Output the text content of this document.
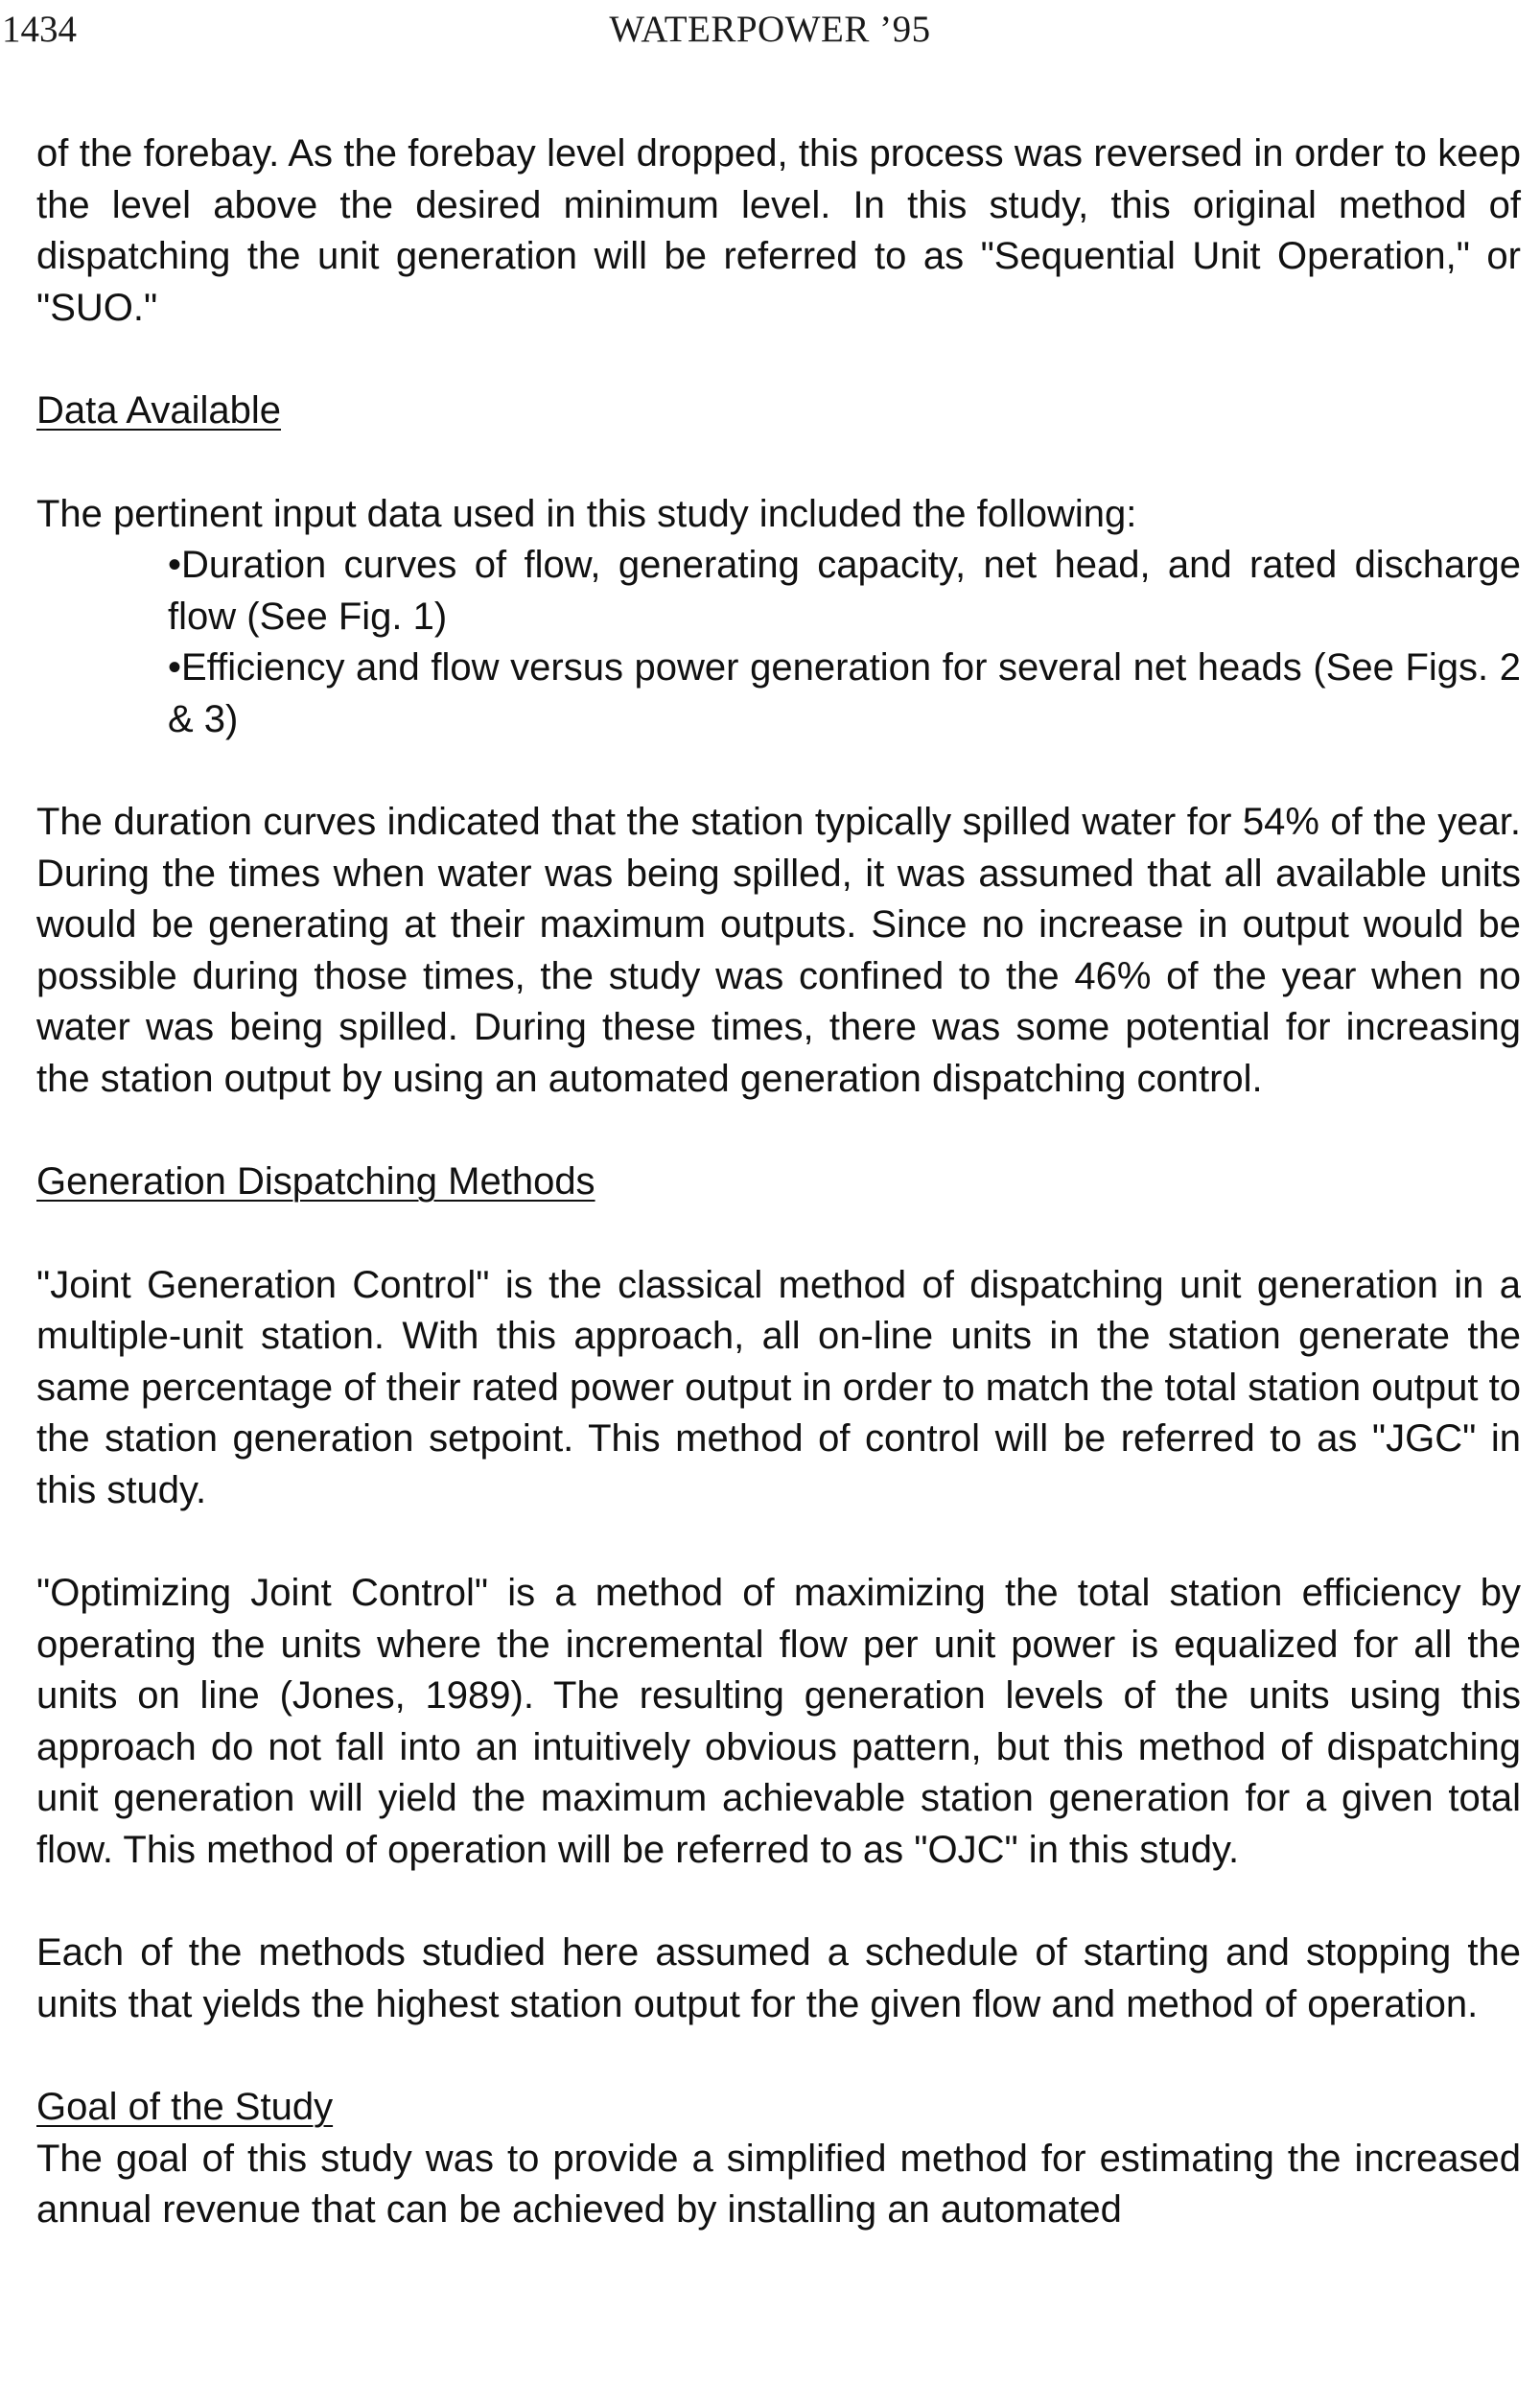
1434	WATERPOWER ’95

of the forebay. As the forebay level dropped, this process was reversed in order to keep the level above the desired minimum level. In this study, this original method of dispatching the unit generation will be referred to as "Sequential Unit Operation," or "SUO."

Data Available

The pertinent input data used in this study included the following:

•Duration curves of flow, generating capacity, net head, and rated discharge flow (See Fig. 1)

•Efficiency and flow versus power generation for several net heads (See Figs. 2 & 3)

The duration curves indicated that the station typically spilled water for 54% of the year. During the times when water was being spilled, it was assumed that all available units would be generating at their maximum outputs. Since no increase in output would be possible during those times, the study was confined to the 46% of the year when no water was being spilled. During these times, there was some potential for increasing the station output by using an automated generation dispatching control.

Generation Dispatching Methods

"Joint Generation Control" is the classical method of dispatching unit generation in a multiple-unit station. With this approach, all on-line units in the station generate the same percentage of their rated power output in order to match the total station output to the station generation setpoint. This method of control will be referred to as "JGC" in this study.

"Optimizing Joint Control" is a method of maximizing the total station efficiency by operating the units where the incremental flow per unit power is equalized for all the units on line (Jones, 1989). The resulting generation levels of the units using this approach do not fall into an intuitively obvious pattern, but this method of dispatching unit generation will yield the maximum achievable station generation for a given total flow. This method of operation will be referred to as "OJC" in this study.

Each of the methods studied here assumed a schedule of starting and stopping the units that yields the highest station output for the given flow and method of operation.

Goal of the Study

The goal of this study was to provide a simplified method for estimating the increased annual revenue that can be achieved by installing an automated
